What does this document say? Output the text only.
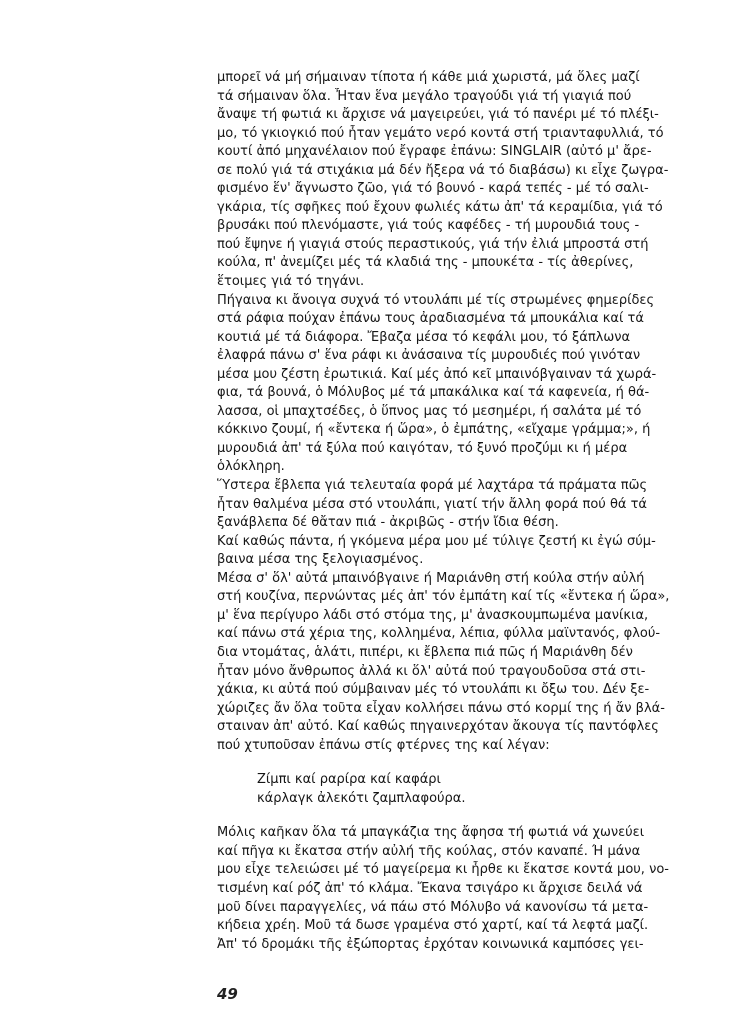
μπορεῖ νά μή σήμαιναν τίποτα ή κάθε μιά χωριστά, μά ὅλες μαζί
τά σήμαιναν ὅλα. Ἦταν ἕνα μεγάλο τραγούδι γιά τή γιαγιά πού
ἄναψε τή φωτιά κι ἄρχισε νά μαγειρεύει, γιά τό πανέρι μέ τό πλέξι-
μο, τό γκιογκιό πού ἦταν γεμάτο νερό κοντά στή τριανταφυλλιά, τό
κουτί ἀπό μηχανέλαιον πού ἔγραφε ἐπάνω: SINGLAIR (αὐτό μ' ἄρε-
σε πολύ γιά τά στιχάκια μά δέν ἤξερα νά τό διαβάσω) κι εἶχε ζωγρα-
φισμένο ἕν' ἄγνωστο ζῶο, γιά τό βουνό - καρά τεπές - μέ τό σαλι-
γκάρια, τίς σφῆκες πού ἔχουν φωλιές κάτω ἀπ' τά κεραμίδια, γιά τό
βρυσάκι πού πλενόμαστε, γιά τούς καφέδες - τή μυρουδιά τους -
πού ἔψηνε ή γιαγιά στούς περαστικούς, γιά τήν ἐλιά μπροστά στή
κούλα, π' ἀνεμίζει μές τά κλαδιά της - μπουκέτα - τίς ἀθερίνες,
ἕτοιμες γιά τό τηγάνι.
Πήγαινα κι ἄνοιγα συχνά τό ντουλάπι μέ τίς στρωμένες φημερίδες
στά ράφια πούχαν ἐπάνω τους ἀραδιασμένα τά μπουκάλια καί τά
κουτιά μέ τά διάφορα. Ἔβαζα μέσα τό κεφάλι μου, τό ξάπλωνα
ἐλαφρά πάνω σ' ἕνα ράφι κι ἀνάσαινα τίς μυρουδιές πού γινόταν
μέσα μου ζέστη ἐρωτικιά. Καί μές ἀπό κεῖ μπαινόβγαιναν τά χωρά-
φια, τά βουνά, ὁ Μόλυβος μέ τά μπακάλικα καί τά καφενεία, ή θά-
λασσα, οἱ μπαχτσέδες, ὁ ὕπνος μας τό μεσημέρι, ή σαλάτα μέ τό
κόκκινο ζουμί, ή «ἔντεκα ή ὥρα», ὁ ἐμπάτης, «εἴχαμε γράμμα;», ή
μυρουδιά ἀπ' τά ξύλα πού καιγόταν, τό ξυνό προζύμι κι ή μέρα
ὁλόκληρη.
Ὕστερα ἔβλεπα γιά τελευταία φορά μέ λαχτάρα τά πράματα πῶς
ἦταν θαλμένα μέσα στό ντουλάπι, γιατί τήν ἄλλη φορά πού θά τά
ξανάβλεπα δέ θἄταν πιά - ἀκριβῶς - στήν ἴδια θέση.
Καί καθώς πάντα, ή γκόμενα μέρα μου μέ τύλιγε ζεστή κι ἐγώ σύμ-
βαινα μέσα της ξελογιασμένος.
Μέσα σ' ὅλ' αὐτά μπαινόβγαινε ή Μαριάνθη στή κούλα στήν αὐλή
στή κουζίνα, περνώντας μές ἀπ' τόν ἐμπάτη καί τίς «ἔντεκα ή ὥρα»,
μ' ἕνα περίγυρο λάδι στό στόμα της, μ' ἀνασκουμπωμένα μανίκια,
καί πάνω στά χέρια της, κολλημένα, λέπια, φύλλα μαϊντανός, φλού-
δια ντομάτας, ἁλάτι, πιπέρι, κι ἔβλεπα πιά πῶς ή Μαριάνθη δέν
ἦταν μόνο ἄνθρωπος ἀλλά κι ὅλ' αὐτά πού τραγουδοῦσα στά στι-
χάκια, κι αὐτά πού σύμβαιναν μές τό ντουλάπι κι ὄξω του. Δέν ξε-
χώριζες ἄν ὅλα τοῦτα εἶχαν κολλήσει πάνω στό κορμί της ή ἄν βλά-
σταιναν ἀπ' αὐτό. Καί καθώς πηγαινερχόταν ἄκουγα τίς παντόφλες
πού χτυποῦσαν ἐπάνω στίς φτέρνες της καί λέγαν:
Ζίμπι καί ραρίρα καί καφάρι
κάρλαγκ ἀλεκότι ζαμπλαφούρα.
Μόλις καῆκαν ὅλα τά μπαγκάζια της ἄφησα τή φωτιά νά χωνεύει
καί πῆγα κι ἔκατσα στήν αὐλή τῆς κούλας, στόν καναπέ. Ή μάνα
μου εἶχε τελειώσει μέ τό μαγείρεμα κι ἦρθε κι ἔκατσε κοντά μου, νο-
τισμένη καί ρόζ ἀπ' τό κλάμα. Ἔκανα τσιγάρο κι ἄρχισε δειλά νά
μοῦ δίνει παραγγελίες, νά πάω στό Μόλυβο νά κανονίσω τά μετα-
κήδεια χρέη. Μοῦ τά δωσε γραμένα στό χαρτί, καί τά λεφτά μαζί.
Ἀπ' τό δρομάκι τῆς ἐξώπορτας ἐρχόταν κοινωνικά καμπόσες γει-
49
